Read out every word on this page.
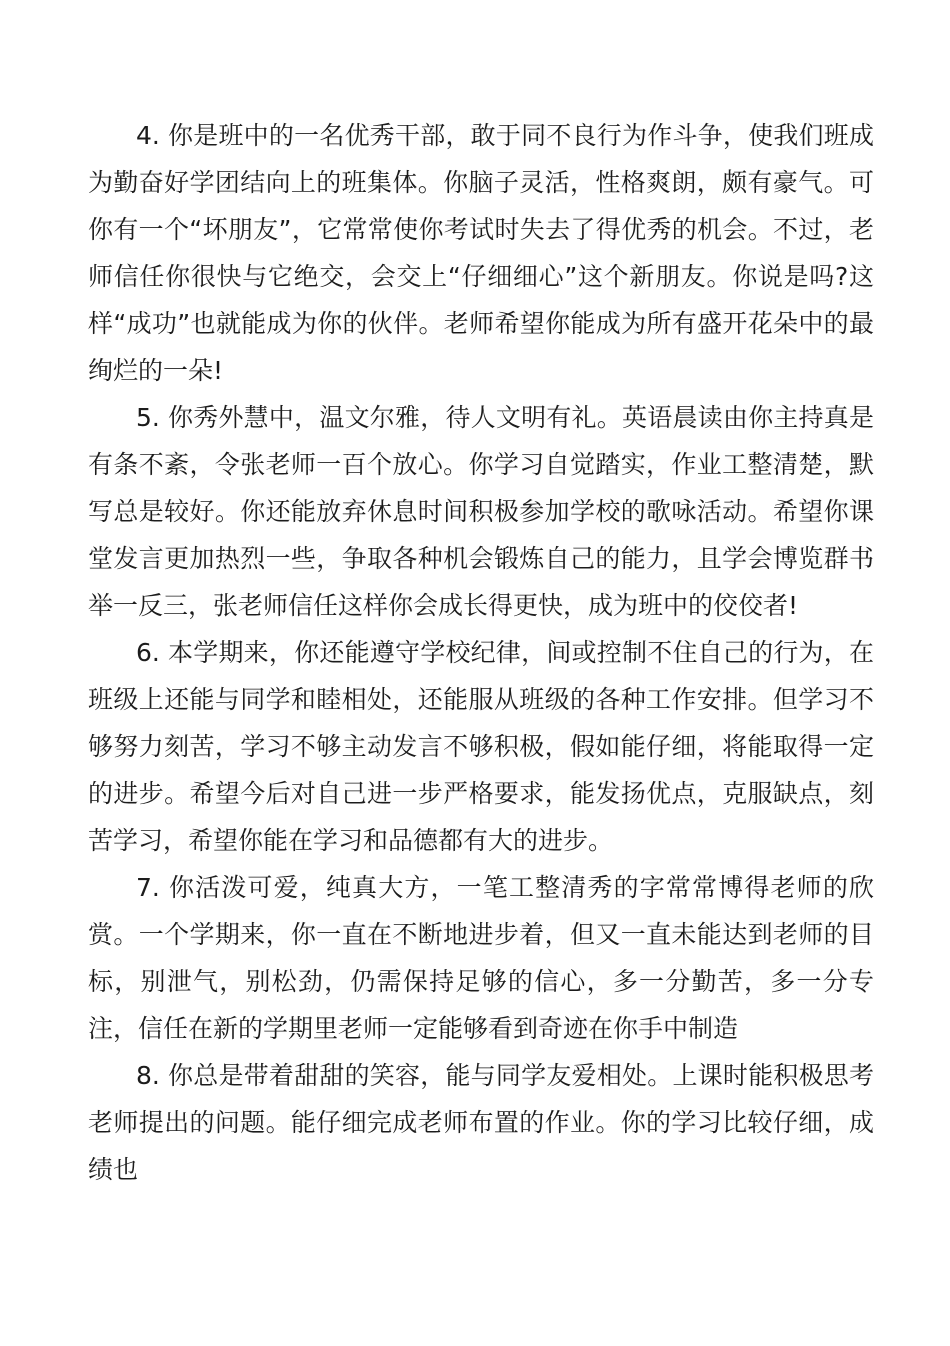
4. 你是班中的一名优秀干部，敢于同不良行为作斗争，使我们班成为勤奋好学团结向上的班集体。你脑子灵活，性格爽朗，颇有豪气。可你有一个“坏朋友”，它常常使你考试时失去了得优秀的机会。不过，老师信任你很快与它绝交，会交上“仔细细心”这个新朋友。你说是吗?这样“成功”也就能成为你的伙伴。老师希望你能成为所有盛开花朵中的最绚烂的一朵!

5. 你秀外慧中，温文尔雅，待人文明有礼。英语晨读由你主持真是有条不紊，令张老师一百个放心。你学习自觉踏实，作业工整清楚，默写总是较好。你还能放弃休息时间积极参加学校的歌咏活动。希望你课堂发言更加热烈一些，争取各种机会锻炼自己的能力，且学会博览群书举一反三，张老师信任这样你会成长得更快，成为班中的佼佼者!

6. 本学期来，你还能遵守学校纪律，间或控制不住自己的行为，在班级上还能与同学和睦相处，还能服从班级的各种工作安排。但学习不够努力刻苦，学习不够主动发言不够积极，假如能仔细，将能取得一定的进步。希望今后对自己进一步严格要求，能发扬优点，克服缺点，刻苦学习，希望你能在学习和品德都有大的进步。

7. 你活泼可爱，纯真大方，一笔工整清秀的字常常博得老师的欣赏。一个学期来，你一直在不断地进步着，但又一直未能达到老师的目标，别泄气，别松劲，仍需保持足够的信心，多一分勤苦，多一分专注，信任在新的学期里老师一定能够看到奇迹在你手中制造

8. 你总是带着甜甜的笑容，能与同学友爱相处。上课时能积极思考老师提出的问题。能仔细完成老师布置的作业。你的学习比较仔细，成绩也
